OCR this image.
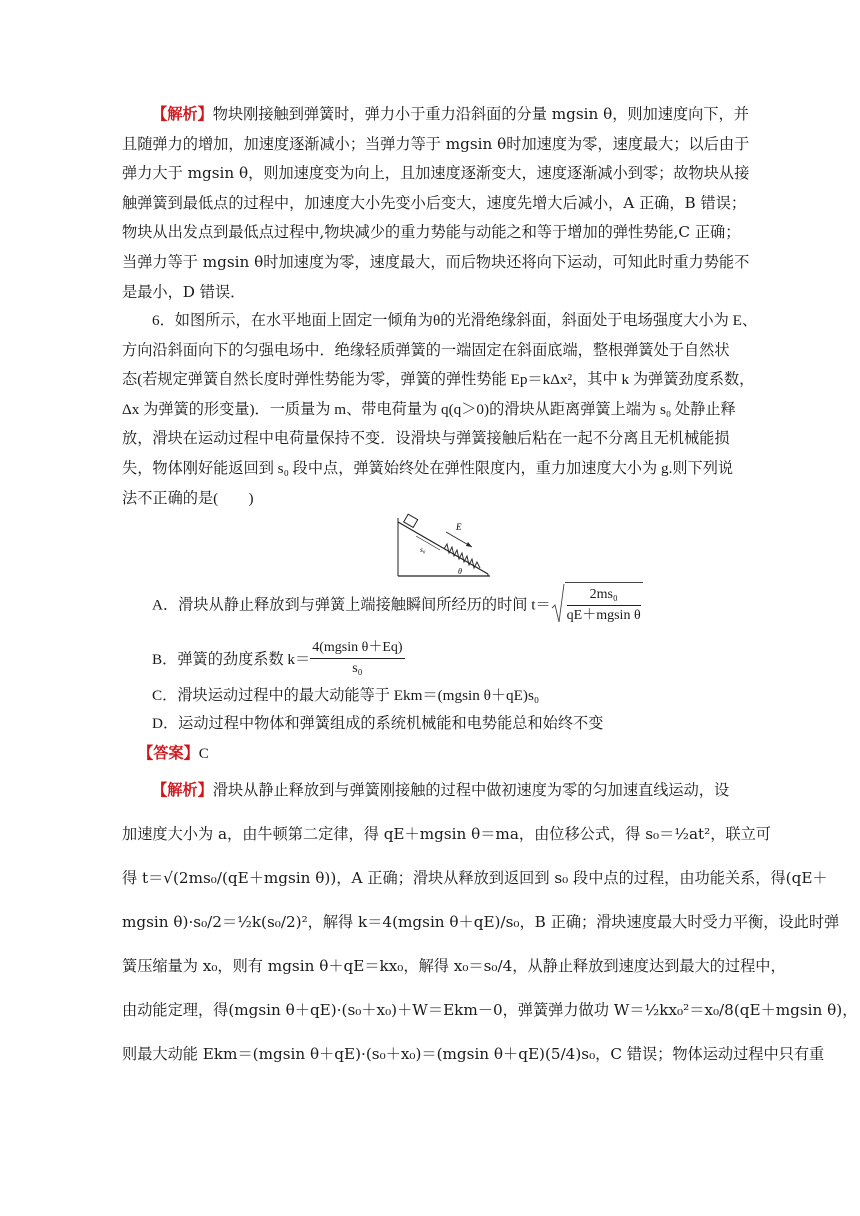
【解析】物块刚接触到弹簧时，弹力小于重力沿斜面的分量 mgsin θ，则加速度向下，并
且随弹力的增加，加速度逐渐减小；当弹力等于 mgsin θ时加速度为零，速度最大；以后由于
弹力大于 mgsin θ，则加速度变为向上，且加速度逐渐变大，速度逐渐减小到零；故物块从接
触弹簧到最低点的过程中，加速度大小先变小后变大，速度先增大后减小，A 正确，B 错误；
物块从出发点到最低点过程中,物块减少的重力势能与动能之和等于增加的弹性势能,C 正确；
当弹力等于 mgsin θ时加速度为零，速度最大，而后物块还将向下运动，可知此时重力势能不
是最小，D 错误．
6．如图所示，在水平地面上固定一倾角为θ的光滑绝缘斜面，斜面处于电场强度大小为 E、
方向沿斜面向下的匀强电场中．绝缘轻质弹簧的一端固定在斜面底端，整根弹簧处于自然状
态(若规定弹簧自然长度时弹性势能为零，弹簧的弹性势能 Ep＝kΔx²，其中 k 为弹簧劲度系数，
Δx 为弹簧的形变量)．一质量为 m、带电荷量为 q(q＞0)的滑块从距离弹簧上端为 s₀ 处静止释
放，滑块在运动过程中电荷量保持不变．设滑块与弹簧接触后粘在一起不分离且无机械能损
失，物体刚好能返回到 s₀ 段中点，弹簧始终处在弹性限度内，重力加速度大小为 g.则下列说
法不正确的是(　　)
E
s₀
θ
A．滑块从静止释放到与弹簧上端接触瞬间所经历的时间 $t= \frac{\text{2ms₀}}{\text{qE＋mgsin θ}}$
B．弹簧的劲度系数 $k= \frac{\text{4(mgsin θ＋Eq)}}{\text{s₀}}$
C．滑块运动过程中的最大动能等于 Ekm＝(mgsin θ＋qE)s₀
D．运动过程中物体和弹簧组成的系统机械能和电势能总和始终不变
【答案】C
【解析】滑块从静止释放到与弹簧刚接触的过程中做初速度为零的匀加速直线运动，设
加速度大小为 a，由牛顿第二定律，得 qE＋mgsin θ＝ma，由位移公式，得 s₀＝½at²，联立可
得 t＝√(2ms₀/(qE＋mgsin θ))，A 正确；滑块从释放到返回到 s₀ 段中点的过程，由功能关系，得(qE＋
mgsin θ)·s₀/2＝½k(s₀/2)²，解得 k＝4(mgsin θ＋qE)/s₀，B 正确；滑块速度最大时受力平衡，设此时弹
簧压缩量为 x₀，则有 mgsin θ＋qE＝kx₀，解得 x₀＝s₀/4，从静止释放到速度达到最大的过程中，
由动能定理，得(mgsin θ＋qE)·(s₀＋x₀)＋W＝Ekm－0，弹簧弹力做功 W＝½kx₀²＝x₀/8(qE＋mgsin θ)，
则最大动能 Ekm＝(mgsin θ＋qE)·(s₀＋x₀)＝(mgsin θ＋qE)(5/4)s₀，C 错误；物体运动过程中只有重
